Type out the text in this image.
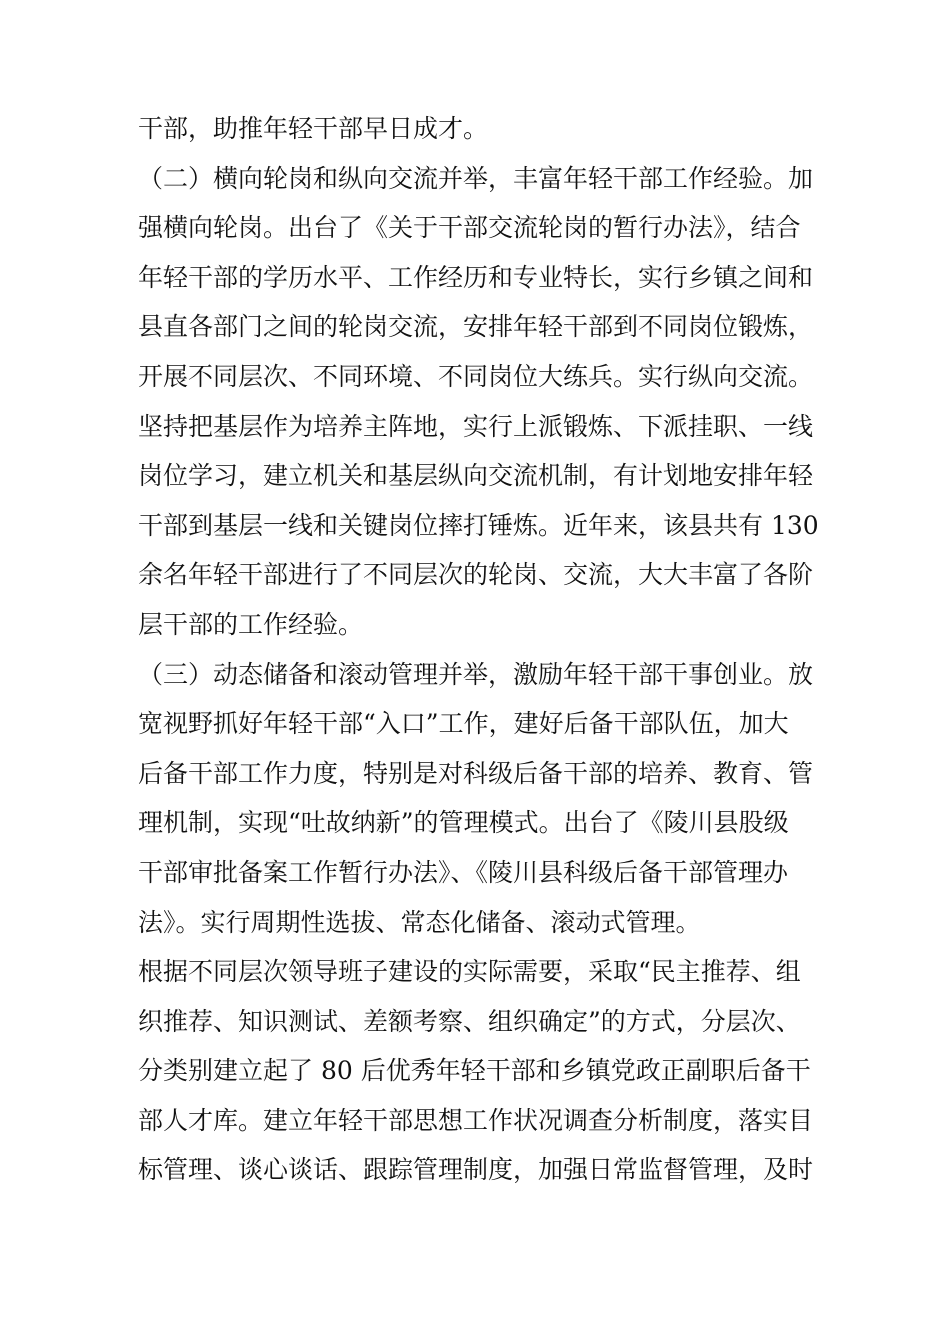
干部，助推年轻干部早日成才。
（二）横向轮岗和纵向交流并举，丰富年轻干部工作经验。加
强横向轮岗。出台了《关于干部交流轮岗的暂行办法》，结合
年轻干部的学历水平、工作经历和专业特长，实行乡镇之间和
县直各部门之间的轮岗交流，安排年轻干部到不同岗位锻炼，
开展不同层次、不同环境、不同岗位大练兵。实行纵向交流。
坚持把基层作为培养主阵地，实行上派锻炼、下派挂职、一线
岗位学习，建立机关和基层纵向交流机制，有计划地安排年轻
干部到基层一线和关键岗位摔打锤炼。近年来，该县共有 130
余名年轻干部进行了不同层次的轮岗、交流，大大丰富了各阶
层干部的工作经验。
（三）动态储备和滚动管理并举，激励年轻干部干事创业。放
宽视野抓好年轻干部“入口”工作，建好后备干部队伍，加大
后备干部工作力度，特别是对科级后备干部的培养、教育、管
理机制，实现“吐故纳新”的管理模式。出台了《陵川县股级
干部审批备案工作暂行办法》、《陵川县科级后备干部管理办
法》。实行周期性选拔、常态化储备、滚动式管理。
根据不同层次领导班子建设的实际需要，采取“民主推荐、组
织推荐、知识测试、差额考察、组织确定”的方式，分层次、
分类别建立起了 80 后优秀年轻干部和乡镇党政正副职后备干
部人才库。建立年轻干部思想工作状况调查分析制度，落实目
标管理、谈心谈话、跟踪管理制度，加强日常监督管理，及时
